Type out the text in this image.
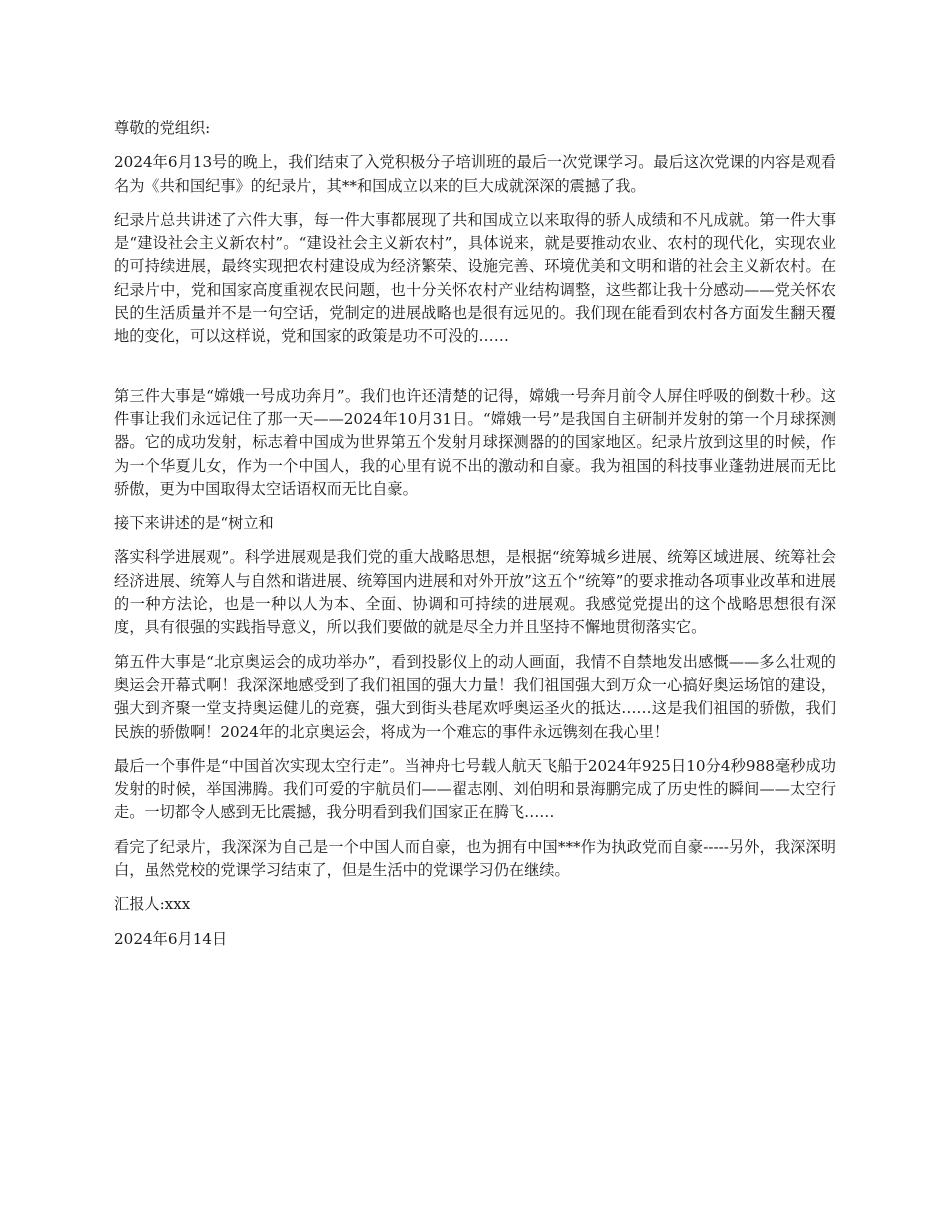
尊敬的党组织:

2024年6月13号的晚上，我们结束了入党积极分子培训班的最后一次党课学习。最后这次党课的内容是观看名为《共和国纪事》的纪录片，其**和国成立以来的巨大成就深深的震撼了我。

纪录片总共讲述了六件大事，每一件大事都展现了共和国成立以来取得的骄人成绩和不凡成就。第一件大事是“建设社会主义新农村”。“建设社会主义新农村”，具体说来，就是要推动农业、农村的现代化，实现农业的可持续进展，最终实现把农村建设成为经济繁荣、设施完善、环境优美和文明和谐的社会主义新农村。在纪录片中，党和国家高度重视农民问题，也十分关怀农村产业结构调整，这些都让我十分感动——党关怀农民的生活质量并不是一句空话，党制定的进展战略也是很有远见的。我们现在能看到农村各方面发生翻天覆地的变化，可以这样说，党和国家的政策是功不可没的……

第三件大事是“嫦娥一号成功奔月”。我们也许还清楚的记得，嫦娥一号奔月前令人屏住呼吸的倒数十秒。这件事让我们永远记住了那一天——2024年10月31日。“嫦娥一号”是我国自主研制并发射的第一个月球探测器。它的成功发射，标志着中国成为世界第五个发射月球探测器的的国家地区。纪录片放到这里的时候，作为一个华夏儿女，作为一个中国人，我的心里有说不出的激动和自豪。我为祖国的科技事业蓬勃进展而无比骄傲，更为中国取得太空话语权而无比自豪。

接下来讲述的是“树立和

落实科学进展观”。科学进展观是我们党的重大战略思想，是根据“统筹城乡进展、统筹区域进展、统筹社会经济进展、统筹人与自然和谐进展、统筹国内进展和对外开放”这五个“统筹”的要求推动各项事业改革和进展的一种方法论，也是一种以人为本、全面、协调和可持续的进展观。我感觉党提出的这个战略思想很有深度，具有很强的实践指导意义，所以我们要做的就是尽全力并且坚持不懈地贯彻落实它。

第五件大事是“北京奥运会的成功举办”，看到投影仪上的动人画面，我情不自禁地发出感慨——多么壮观的奥运会开幕式啊！我深深地感受到了我们祖国的强大力量！我们祖国强大到万众一心搞好奥运场馆的建设，强大到齐聚一堂支持奥运健儿的竞赛，强大到街头巷尾欢呼奥运圣火的抵达……这是我们祖国的骄傲，我们民族的骄傲啊！2024年的北京奥运会，将成为一个难忘的事件永远镌刻在我心里！

最后一个事件是“中国首次实现太空行走”。当神舟七号载人航天飞船于2024年925日10分4秒988毫秒成功发射的时候，举国沸腾。我们可爱的宇航员们——翟志刚、刘伯明和景海鹏完成了历史性的瞬间——太空行走。一切都令人感到无比震撼，我分明看到我们国家正在腾飞……

看完了纪录片，我深深为自己是一个中国人而自豪，也为拥有中国***作为执政党而自豪-----另外，我深深明白，虽然党校的党课学习结束了，但是生活中的党课学习仍在继续。

汇报人:xxx

2024年6月14日
